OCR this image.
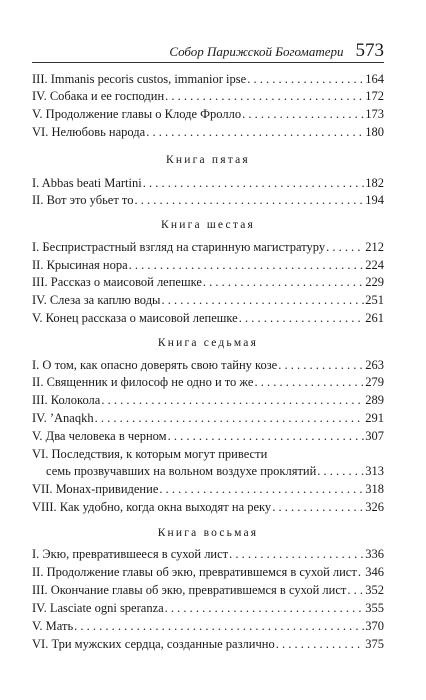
Собор Парижской Богоматери 573
III. Immanis pecoris custos, immanior ipse . . .	164
IV. Собака и ее господин . . .	172
V. Продолжение главы о Клоде Фролло . . .	173
VI. Нелюбовь народа . . .	180
Книга пятая
I. Abbas beati Martini . . .	182
II. Вот это убьет то . . .	194
Книга шестая
I. Беспристрастный взгляд на старинную магистратуру . . .	212
II. Крысиная нора . . .	224
III. Рассказ о маисовой лепешке . . .	229
IV. Слеза за каплю воды . . .	251
V. Конец рассказа о маисовой лепешке . . .	261
Книга седьмая
I. О том, как опасно доверять свою тайну козе . . .	263
II. Священник и философ не одно и то же . . .	279
III. Колокола . . .	289
IV. ’Anaqkh . . .	291
V. Два человека в черном . . .	307
VI. Последствия, к которым могут привести
семь прозвучавших на вольном воздухе проклятий . . .	313
VII. Монах-привидение . . .	318
VIII. Как удобно, когда окна выходят на реку . . .	326
Книга восьмая
I. Экю, превратившееся в сухой лист . . .	336
II. Продолжение главы об экю, превратившемся в сухой лист . . . 346
III. Окончание главы об экю, превратившемся в сухой лист . . . 352
IV. Lasciate ogni speranza . . .	355
V. Мать . . .	370
VI. Три мужских сердца, созданные различно . . .	375
